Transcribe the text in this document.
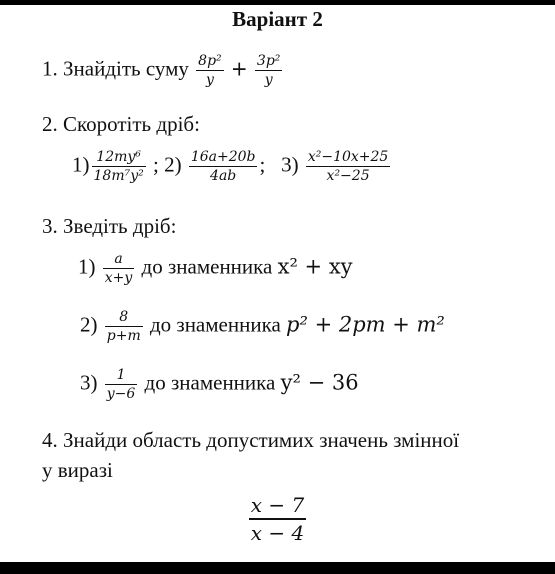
Варіант 2
1. Знайдіть суму $\frac{\text{8p²}}{y} + \frac{\text{3p²}}{y}$
2. Скоротіть дріб:
$1) \frac{\text{12my⁶}}{\text{18m⁷y²}}$ ; $2) \frac{16a+20b}{4ab}$ ; $3) \frac{\text{x²−10x+25}}{\text{x²−25}}$
3. Зведіть дріб:
$1) \frac{a}{x+y}$ до знаменника x² + xy
$2) \frac{8}{p+m}$ до знаменника p² + 2pm + m²
$3) \frac{1}{y-6}$ до знаменника y² − 36
4. Знайди область допустимих значень змінної
у виразі
$\frac{x - 7}{x - 4}$
